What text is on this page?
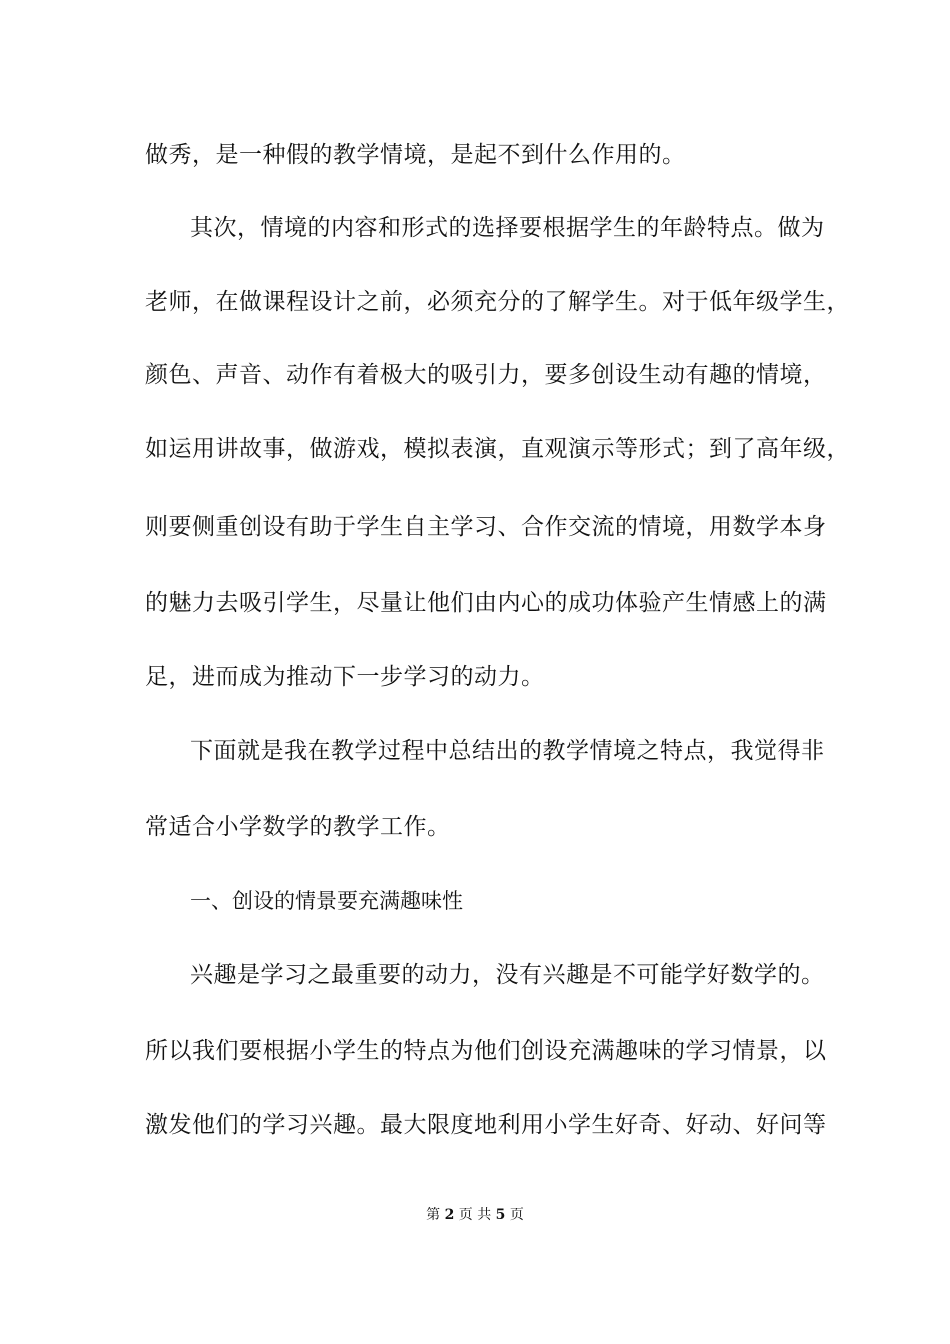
做秀，是一种假的教学情境，是起不到什么作用的。
其次，情境的内容和形式的选择要根据学生的年龄特点。做为
老师，在做课程设计之前，必须充分的了解学生。对于低年级学生，
颜色、声音、动作有着极大的吸引力，要多创设生动有趣的情境，
如运用讲故事，做游戏，模拟表演，直观演示等形式；到了高年级，
则要侧重创设有助于学生自主学习、合作交流的情境，用数学本身
的魅力去吸引学生，尽量让他们由内心的成功体验产生情感上的满
足，进而成为推动下一步学习的动力。
下面就是我在教学过程中总结出的教学情境之特点，我觉得非
常适合小学数学的教学工作。
一、创设的情景要充满趣味性
兴趣是学习之最重要的动力，没有兴趣是不可能学好数学的。
所以我们要根据小学生的特点为他们创设充满趣味的学习情景，以
激发他们的学习兴趣。最大限度地利用小学生好奇、好动、好问等
第 2 页 共 5 页
